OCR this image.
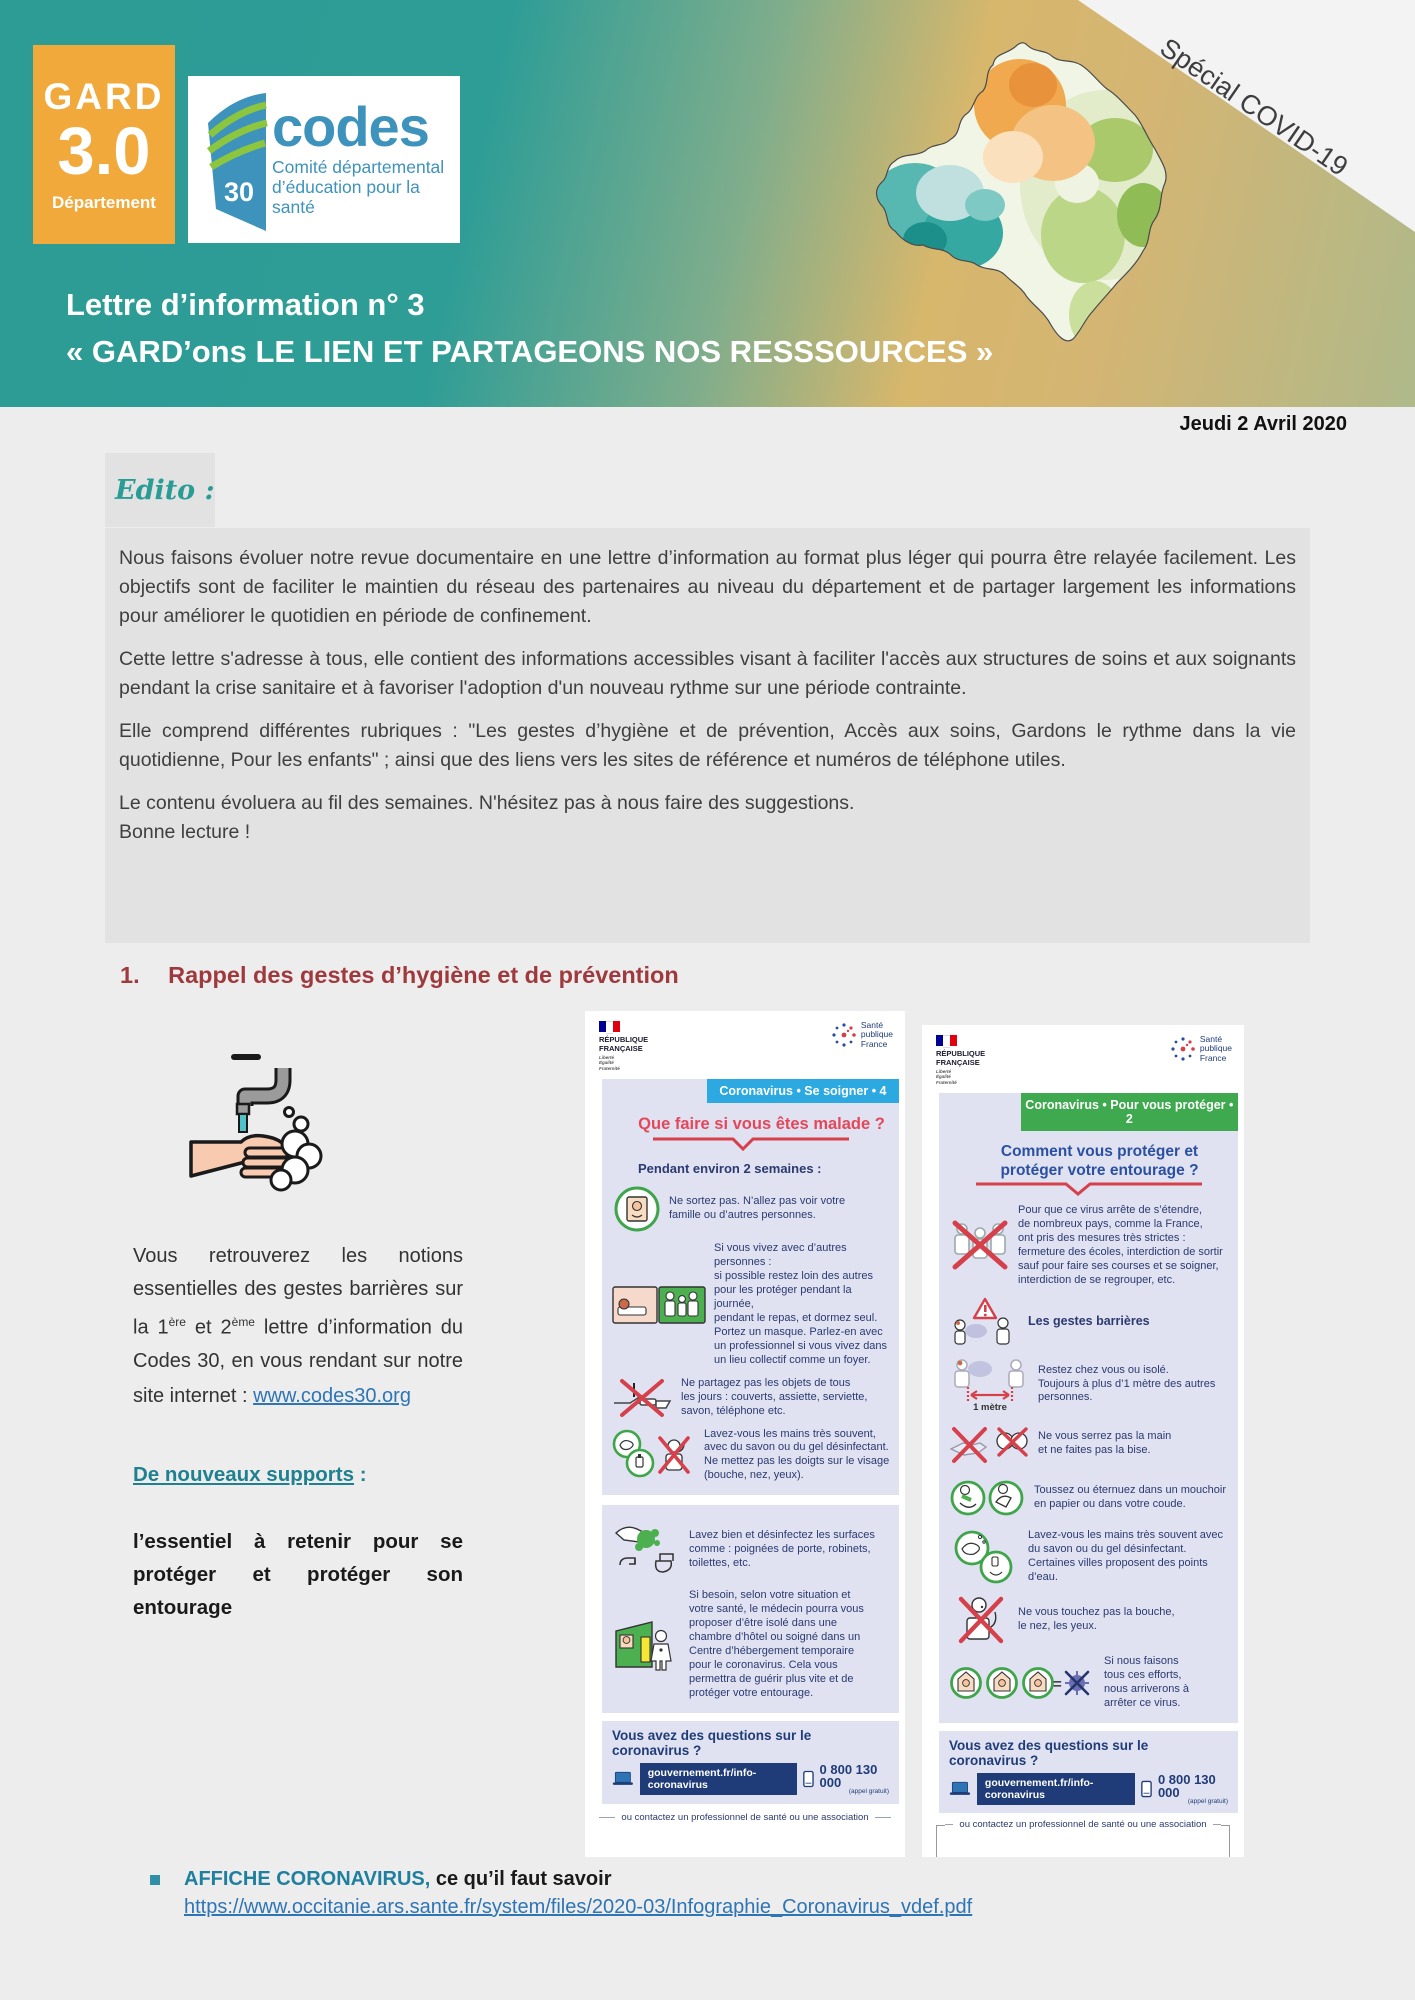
GARD
3.0
Département	30
codes
Comité départemental
d’éducation pour la santé
Spécial COVID-19
Lettre d’information n° 3
« GARD’ons LE LIEN ET PARTAGEONS NOS RESSSOURCES »
Jeudi 2 Avril 2020
Edito :

Nous faisons évoluer notre revue documentaire en une lettre d’information au format plus léger qui pourra être relayée facilement. Les objectifs sont de faciliter le maintien du réseau des partenaires au niveau du département et de partager largement les informations pour améliorer le quotidien en période de confinement.

Cette lettre s'adresse à tous, elle contient des informations accessibles visant à faciliter l'accès aux structures de soins et aux soignants pendant la crise sanitaire et à favoriser l'adoption d'un nouveau rythme sur une période contrainte.

Elle comprend différentes rubriques : "Les gestes d’hygiène et de prévention, Accès aux soins, Gardons le rythme dans la vie quotidienne, Pour les enfants" ; ainsi que des liens vers les sites de référence et numéros de téléphone utiles.

Le contenu évoluera au fil des semaines. N'hésitez pas à nous faire des suggestions.
Bonne lecture !

1. Rappel des gestes d’hygiène et de prévention

Vous retrouverez les notions essentielles des gestes barrières sur la 1ère et 2ème lettre d’information du Codes 30, en vous rendant sur notre site internet : www.codes30.org

De nouveaux supports :
l’essentiel à retenir pour se protéger et protéger son entourage
RÉPUBLIQUE
FRANÇAISE
Liberté
Égalité
Fraternité
Santé
publique
France
Coronavirus • Se soigner • 4
Que faire si vous êtes malade ?
Pendant environ 2 semaines :
Ne sortez pas. N’allez pas voir votre
famille ou d’autres personnes.
Si vous vivez avec d’autres personnes :
si possible restez loin des autres
pour les protéger pendant la journée,
pendant le repas, et dormez seul.
Portez un masque. Parlez-en avec
un professionnel si vous vivez dans
un lieu collectif comme un foyer.
Ne partagez pas les objets de tous
les jours : couverts, assiette, serviette,
savon, téléphone etc.
Lavez-vous les mains très souvent,
avec du savon ou du gel désinfectant.
Ne mettez pas les doigts sur le visage
(bouche, nez, yeux).
Lavez bien et désinfectez les surfaces
comme : poignées de porte, robinets,
toilettes, etc.
Si besoin, selon votre situation et
votre santé, le médecin pourra vous
proposer d’être isolé dans une
chambre d’hôtel ou soigné dans un
Centre d’hébergement temporaire
pour le coronavirus. Cela vous
permettra de guérir plus vite et de
protéger votre entourage.
Vous avez des questions sur le coronavirus ?
gouvernement.fr/info-coronavirus
0 800 130 000
(appel gratuit)
ou contactez un professionnel de santé ou une association
RÉPUBLIQUE
FRANÇAISE
Liberté
Égalité
Fraternité
Santé
publique
France
Coronavirus • Pour vous protéger • 2
Comment vous protéger et
protéger votre entourage ?
Pour que ce virus arrête de s’étendre,
de nombreux pays, comme la France,
ont pris des mesures très strictes :
fermeture des écoles, interdiction de sortir
sauf pour faire ses courses et se soigner,
interdiction de se regrouper, etc.
Les gestes barrières
1 mètre
Restez chez vous ou isolé.
Toujours à plus d’1 mètre des autres
personnes.
Ne vous serrez pas la main
et ne faites pas la bise.
Toussez ou éternuez dans un mouchoir
en papier ou dans votre coude.
Lavez-vous les mains très souvent avec
du savon ou du gel désinfectant.
Certaines villes proposent des points d’eau.
Ne vous touchez pas la bouche,
le nez, les yeux.
=
Si nous faisons
tous ces efforts,
nous arriverons à
arrêter ce virus.
Vous avez des questions sur le coronavirus ?
gouvernement.fr/info-coronavirus
0 800 130 000
(appel gratuit)
ou contactez un professionnel de santé ou une association
AFFICHE CORONAVIRUS, ce qu’il faut savoir
https://www.occitanie.ars.sante.fr/system/files/2020-03/Infographie_Coronavirus_vdef.pdf
